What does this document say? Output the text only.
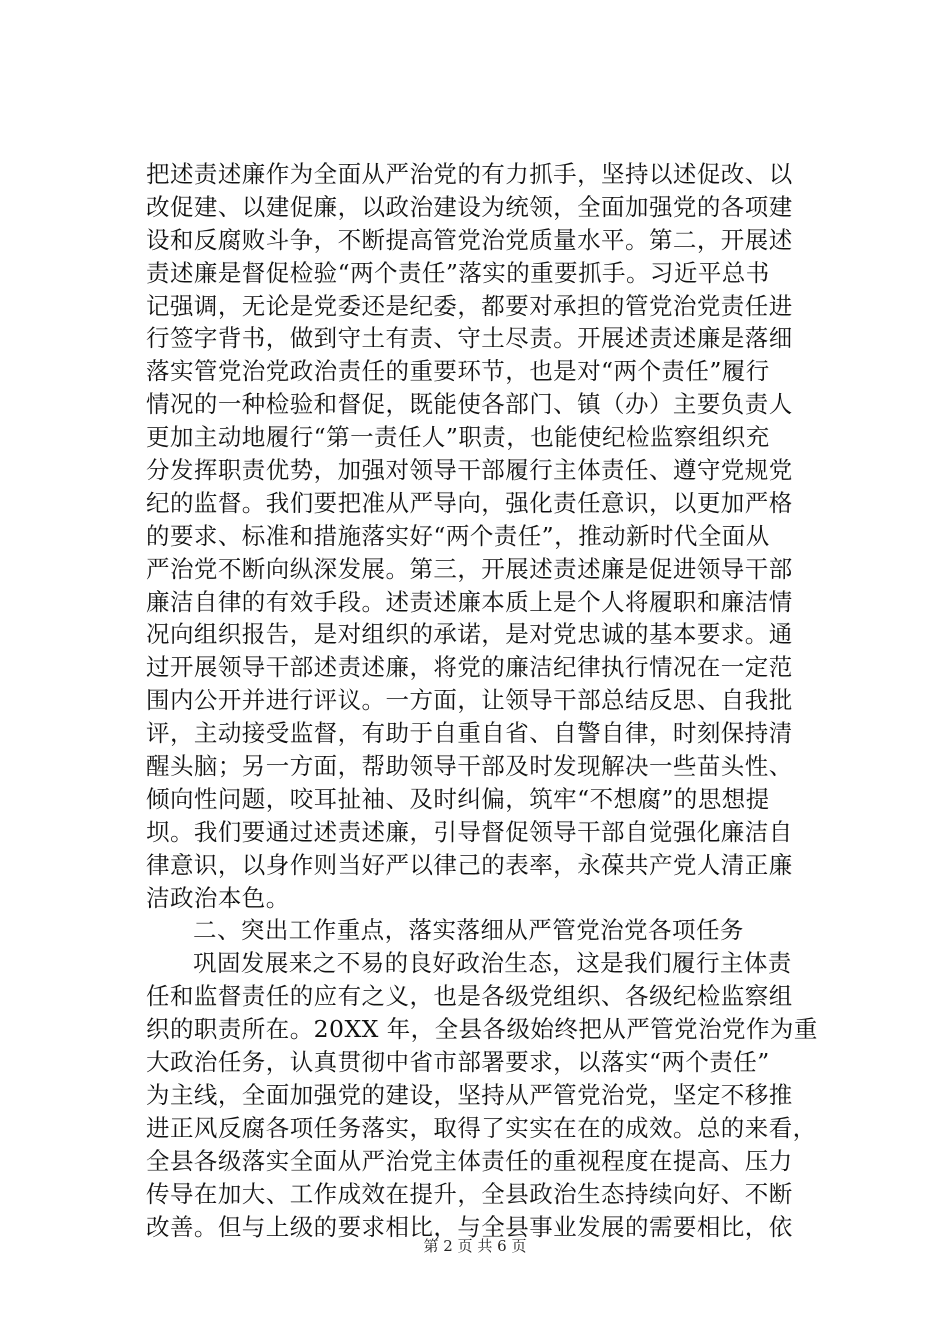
把述责述廉作为全面从严治党的有力抓手，坚持以述促改、以
改促建、以建促廉，以政治建设为统领，全面加强党的各项建
设和反腐败斗争，不断提高管党治党质量水平。第二，开展述
责述廉是督促检验“两个责任”落实的重要抓手。习近平总书
记强调，无论是党委还是纪委，都要对承担的管党治党责任进
行签字背书，做到守土有责、守土尽责。开展述责述廉是落细
落实管党治党政治责任的重要环节，也是对“两个责任”履行
情况的一种检验和督促，既能使各部门、镇（办）主要负责人
更加主动地履行“第一责任人”职责，也能使纪检监察组织充
分发挥职责优势，加强对领导干部履行主体责任、遵守党规党
纪的监督。我们要把准从严导向，强化责任意识，以更加严格
的要求、标准和措施落实好“两个责任”，推动新时代全面从
严治党不断向纵深发展。第三，开展述责述廉是促进领导干部
廉洁自律的有效手段。述责述廉本质上是个人将履职和廉洁情
况向组织报告，是对组织的承诺，是对党忠诚的基本要求。通
过开展领导干部述责述廉，将党的廉洁纪律执行情况在一定范
围内公开并进行评议。一方面，让领导干部总结反思、自我批
评，主动接受监督，有助于自重自省、自警自律，时刻保持清
醒头脑；另一方面，帮助领导干部及时发现解决一些苗头性、
倾向性问题，咬耳扯袖、及时纠偏，筑牢“不想腐”的思想提
坝。我们要通过述责述廉，引导督促领导干部自觉强化廉洁自
律意识，以身作则当好严以律己的表率，永葆共产党人清正廉
洁政治本色。
二、突出工作重点，落实落细从严管党治党各项任务
巩固发展来之不易的良好政治生态，这是我们履行主体责
任和监督责任的应有之义，也是各级党组织、各级纪检监察组
织的职责所在。20XX 年，全县各级始终把从严管党治党作为重
大政治任务，认真贯彻中省市部署要求，以落实“两个责任”
为主线，全面加强党的建设，坚持从严管党治党，坚定不移推
进正风反腐各项任务落实，取得了实实在在的成效。总的来看，
全县各级落实全面从严治党主体责任的重视程度在提高、压力
传导在加大、工作成效在提升，全县政治生态持续向好、不断
改善。但与上级的要求相比，与全县事业发展的需要相比，依
第 2 页 共 6 页
